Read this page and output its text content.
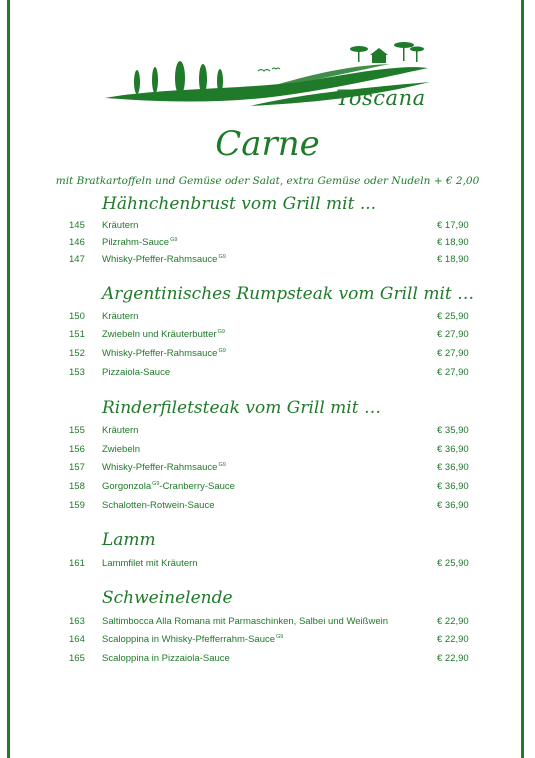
Toscana
Carne
mit Bratkartoffeln und Gemüse oder Salat, extra Gemüse oder Nudeln + € 2,00
Hähnchenbrust vom Grill mit ...
145 Kräutern	€ 17,90
146 Pilzrahm-Sauce$^{G9}$	€ 18,90
147 Whisky-Pfeffer-Rahmsauce$^{G9}$	€ 18,90
Argentinisches Rumpsteak vom Grill mit …
150 Kräutern	€ 25,90
151 Zwiebeln und Kräuterbutter$^{G9}$	€ 27,90
152 Whisky-Pfeffer-Rahmsauce$^{G9}$	€ 27,90
153 Pizzaiola-Sauce	€ 27,90
Rinderfiletsteak vom Grill mit …
155 Kräutern	€ 35,90
156 Zwiebeln	€ 36,90
157 Whisky-Pfeffer-Rahmsauce$^{G9}$	€ 36,90
158 Gorgonzola$^{G9}$-Cranberry-Sauce	€ 36,90
159 Schalotten-Rotwein-Sauce	€ 36,90
Lamm
161 Lammfilet mit Kräutern	€ 25,90
Schweinelende
163 Saltimbocca Alla Romana mit Parmaschinken, Salbei und Weißwein	€ 22,90
164 Scaloppina in Whisky-Pfefferrahm-Sauce$^{G9}$	€ 22,90
165 Scaloppina in Pizzaiola-Sauce	€ 22,90
